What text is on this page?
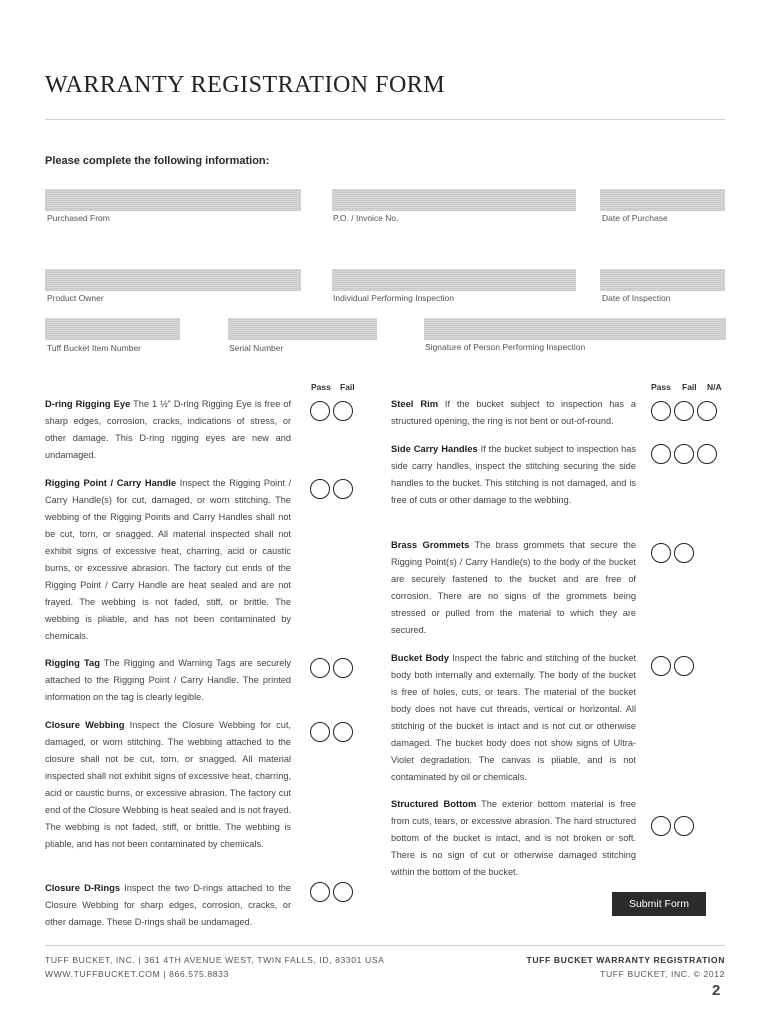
WARRANTY REGISTRATION FORM
Please complete the following information:
Purchased From	P.O. / Invoice No.	Date of Purchase
Product Owner	Individual Performing Inspection	Date of Inspection
Tuff Bucket Item Number	Serial Number	Signature of Person Performing Inspection
Pass Fail	Pass Fail N/A

D-ring Rigging Eye The 1 ½” D-ring Rigging Eye is free of sharp edges, corrosion, cracks, indications of stress, or other damage. This D-ring rigging eyes are new and undamaged.

Rigging Point / Carry Handle Inspect the Rigging Point / Carry Handle(s) for cut, damaged, or worn stitching. The webbing of the Rigging Points and Carry Handles shall not be cut, torn, or snagged. All material inspected shall not exhibit signs of excessive heat, charring, acid or caustic burns, or excessive abrasion. The factory cut ends of the Rigging Point / Carry Handle are heat sealed and are not frayed. The webbing is not faded, stiff, or brittle. The webbing is pliable, and has not been contaminated by chemicals.

Rigging Tag The Rigging and Warning Tags are securely attached to the Rigging Point / Carry Handle. The printed information on the tag is clearly legible.

Closure Webbing Inspect the Closure Webbing for cut, damaged, or worn stitching. The webbing attached to the closure shall not be cut, torn, or snagged. All material inspected shall not exhibit signs of excessive heat, charring, acid or caustic burns, or excessive abrasion. The factory cut end of the Closure Webbing is heat sealed and is not frayed. The webbing is not faded, stiff, or brittle. The webbing is pliable, and has not been contaminated by chemicals.

Closure D-Rings Inspect the two D-rings attached to the Closure Webbing for sharp edges, corrosion, cracks, or other damage. These D-rings shall be undamaged.

Steel Rim If the bucket subject to inspection has a structured opening, the ring is not bent or out-of-round.

Side Carry Handles If the bucket subject to inspection has side carry handles, inspect the stitching securing the side handles to the bucket. This stitching is not damaged, and is free of cuts or other damage to the webbing.

Brass Grommets The brass grommets that secure the Rigging Point(s) / Carry Handle(s) to the body of the bucket are securely fastened to the bucket and are free of corrosion. There are no signs of the grommets being stressed or pulled from the material to which they are secured.

Bucket Body Inspect the fabric and stitching of the bucket body both internally and externally. The body of the bucket is free of holes, cuts, or tears. The material of the bucket body does not have cut threads, vertical or horizontal. All stitching of the bucket is intact and is not cut or otherwise damaged. The bucket body does not show signs of Ultra-Violet degradation. The canvas is pliable, and is not contaminated by oil or chemicals.

Structured Bottom The exterior bottom material is free from cuts, tears, or excessive abrasion. The hard structured bottom of the bucket is intact, and is not broken or soft. There is no sign of cut or otherwise damaged stitching within the bottom of the bucket.

Submit Form
TUFF BUCKET, INC. | 361 4TH AVENUE WEST, TWIN FALLS, ID, 83301 USA
WWW.TUFFBUCKET.COM | 866.575.8833
TUFF BUCKET WARRANTY REGISTRATION
TUFF BUCKET, INC. © 2012
2
